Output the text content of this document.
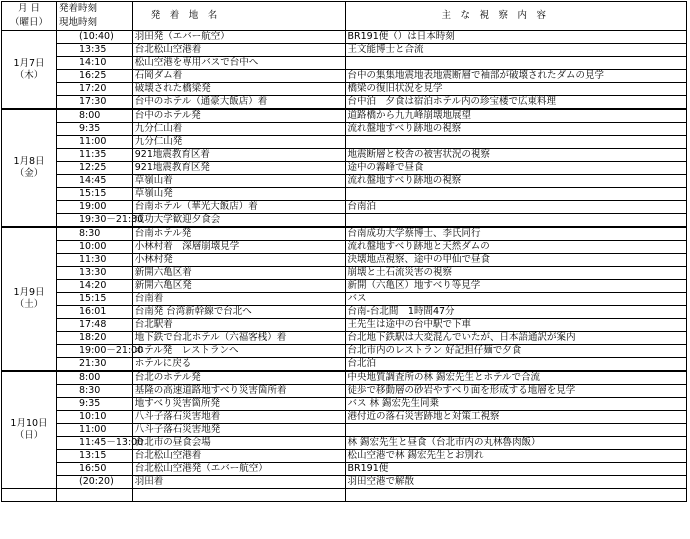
月 日	発着時刻	発　着　地　名	主　な　視　察　内　容
（曜日）	現地時刻		

1月7日
（木）	(10:40)	羽田発（エバー航空）	BR191便（）は日本時刻
	13:35	台北松山空港着	王文能博士と合流
	14:10	松山空港を専用バスで台中へ	
	16:25	石岡ダム着	台中の集集地震地表地震断層で袖部が破壊されたダムの見学
	17:20	破壊された橋梁発	橋梁の復旧状況を見学
	17:30	台中のホテル（通豪大飯店）着	台中泊　夕食は宿泊ホテル内の珍宝楼で広東料理

1月8日
（金）	8:00	台中のホテル発	道路橋から九九峰崩壊地展望
	9:35	九分仁山着	流れ盤地すべり跡地の視察
	11:00	九分仁山発	
	11:35	921地震教育区着	地震断層と校舎の被害状況の視察
	12:25	921地震教育区発	途中の霧峰で昼食
	14:45	草嶺山着	流れ盤地すべり跡地の視察
	15:15	草嶺山発	
	19:00	台南ホテル（華光大飯店）着	台南泊
	19:30－21:30	成功大学歓迎夕食会	

1月9日
（土）	8:30	台南ホテル発	台南成功大学蔡博士、李氏同行
	10:00	小林村着　深層崩壊見学	流れ盤地すべり跡地と天然ダムの
	11:30	小林村発	決壊地点視察、途中の甲仙で昼食
	13:30	新開六亀区着	崩壊と土石流災害の視察
	14:20	新開六亀区発	新開（六亀区）地すべり等見学
	15:15	台南着	バス
	16:01	台南発 台湾新幹線で台北へ	台南-台北間　1時間47分
	17:48	台北駅着	王先生は途中の台中駅で下車
	18:20	地下鉄で台北ホテル（六福客桟）着	台北地下鉄駅は大変混んでいたが、日本語通訳が案内
	19:00－21:00	ホテル発　レストランへ	台北市内のレストラン 好記担仔麺で夕食
	21:30	ホテルに戻る	台北泊

1月10日
（日）	8:00	台北のホテル発	中央地質調査所の林 錫宏先生とホテルで合流
	8:30	基隆の高速道路地すべり災害箇所着	徒歩で移動層の砂岩やすべり面を形成する地層を見学
	9:35	地すべり災害箇所発	バス 林 錫宏先生同乗
	10:10	八斗子落石災害地着	港付近の落石災害跡地と対策工視察
	11:00	八斗子落石災害地発	
	11:45－13:00	台北市の昼食会場	林 錫宏先生と昼食（台北市内の丸林魯肉飯）
	13:15	台北松山空港着	松山空港で林 錫宏先生とお別れ
	16:50	台北松山空港発（エバー航空）	BR191便
	(20:20)	羽田着	羽田空港で解散
